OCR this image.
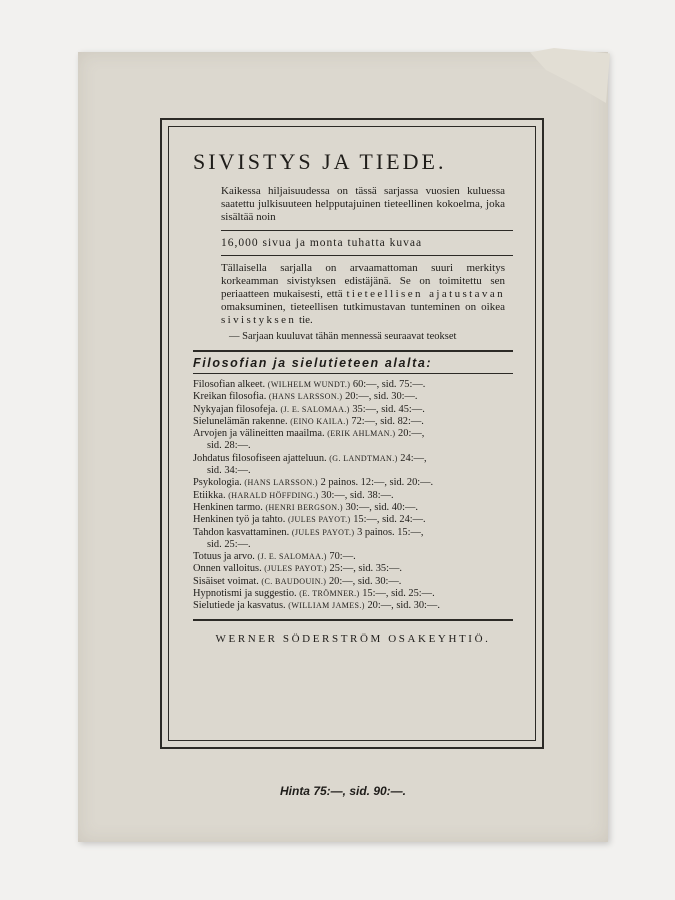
SIVISTYS JA TIEDE.
Kaikessa hiljaisuudessa on tässä sarjassa vuosien kuluessa saatettu julkisuuteen helpputajuinen tieteellinen kokoelma, joka sisältää noin
16,000 sivua ja monta tuhatta kuvaa
Tällaisella sarjalla on arvaamattoman suuri merkitys korkeamman sivistyksen edistäjänä. Se on toimitettu sen periaatteen mukaisesti, että tieteellisen ajatustavan omaksuminen, tieteellisen tutkimustavan tunteminen on oikea sivistyksen tie.
— Sarjaan kuuluvat tähän mennessä seuraavat teokset
Filosofian ja sielutieteen alalta:
Filosofian alkeet. (WILHELM WUNDT.) 60:—, sid. 75:—.
Kreikan filosofia. (HANS LARSSON.) 20:—, sid. 30:—.
Nykyajan filosofeja. (J. E. SALOMAA.) 35:—, sid. 45:—.
Sielunelämän rakenne. (EINO KAILA.) 72:—, sid. 82:—.
Arvojen ja välineitten maailma. (ERIK AHLMAN.) 20:—,
sid. 28:—.
Johdatus filosofiseen ajatteluun. (G. LANDTMAN.) 24:—,
sid. 34:—.
Psykologia. (HANS LARSSON.) 2 painos. 12:—, sid. 20:—.
Etiikka. (HARALD HÖFFDING.) 30:—, sid. 38:—.
Henkinen tarmo. (HENRI BERGSON.) 30:—, sid. 40:—.
Henkinen työ ja tahto. (JULES PAYOT.) 15:—, sid. 24:—.
Tahdon kasvattaminen. (JULES PAYOT.) 3 painos. 15:—,
sid. 25:—.
Totuus ja arvo. (J. E. SALOMAA.) 70:—.
Onnen valloitus. (JULES PAYOT.) 25:—, sid. 35:—.
Sisäiset voimat. (C. BAUDOUIN.) 20:—, sid. 30:—.
Hypnotismi ja suggestio. (E. TRÖMNER.) 15:—, sid. 25:—.
Sielutiede ja kasvatus. (WILLIAM JAMES.) 20:—, sid. 30:—.
WERNER SÖDERSTRÖM OSAKEYHTIÖ.
Hinta 75:—, sid. 90:—.
